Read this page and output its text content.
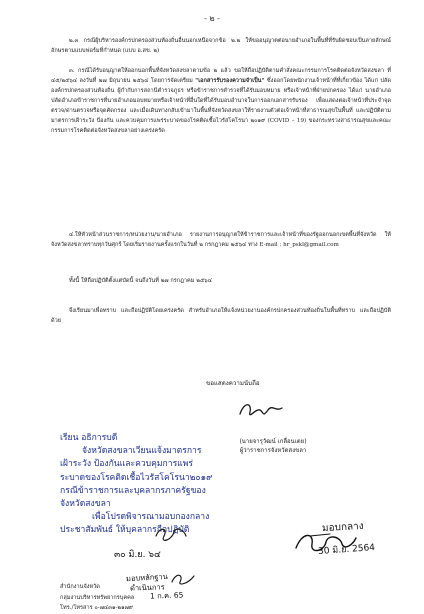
- ๒ -

๒.๓ กรณีผู้บริหารองค์กรปกครองส่วนท้องถิ่นอื่นนอกเหนือจากข้อ ๒.๒ ให้ขออนุญาตต่อนายอำเภอในพื้นที่ที่รับผิดชอบเป็นลายลักษณ์อักษรตามแบบฟอร์มที่กำหนด (แบบ อ.สข. ๒)

๓. กรณีได้รับอนุญาตให้ออกนอกพื้นที่จังหวัดสงขลาตามข้อ ๒ แล้ว ขอให้ถือปฏิบัติตามคำสั่งคณะกรรมการโรคติดต่อจังหวัดสงขลา ที่ ๔๕/๒๕๖๔ ลงวันที่ ๒๗ มิถุนายน ๒๕๖๔ โดยการจัดเตรียม "เอกสารรับรองความจำเป็น" ซึ่งออกโดยพนักงานเจ้าหน้าที่ที่เกี่ยวข้อง ได้แก่ ปลัดองค์กรปกครองส่วนท้องถิ่น ผู้กำกับการสถานีตำรวจภูธร หรือข้าราชการตำรวจที่ได้รับมอบหมาย หรือเจ้าหน้าที่ฝ่ายปกครอง ได้แก่ นายอำเภอ ปลัดอำเภอข้าราชการที่นายอำเภอมอบหมายหรือเจ้าหน้าที่อื่นใดที่ได้รับมอบอำนาจในการออกเอกสารรับรอง เพื่อแสดงต่อเจ้าหน้าที่ประจำจุดตรวจ/ด่านตรวจหรือจุดคัดกรอง และเมื่อเดินทางกลับเข้ามาในพื้นที่จังหวัดสงขลาให้รายงานตัวต่อเจ้าหน้าที่สาธารณสุขในพื้นที่ และปฏิบัติตามมาตรการเฝ้าระวัง ป้องกัน และควบคุมการแพร่ระบาดของโรคติดเชื้อไวรัสโคโรนา ๒๐๑๙ (COVID – 19) ของกระทรวงสาธารณสุขและคณะกรรมการโรคติดต่อจังหวัดสงขลาอย่างเคร่งครัด

๔.ให้หัวหน้าส่วนราชการ/หน่วยงาน/นายอำเภอ รายงานการอนุญาตให้ข้าราชการและเจ้าหน้าที่ของรัฐออกนอกเขตพื้นที่จังหวัด ให้จังหวัดสงขลาทราบทุกวันศุกร์ โดยเริ่มรายงานครั้งแรกในวันที่ ๒ กรกฎาคม ๒๕๖๔ ทาง E-mail : hr_pskl@gmail.com

ทั้งนี้ ให้ถือปฏิบัติตั้งแต่บัดนี้ จนถึงวันที่ ๒๗ กรกฎาคม ๒๕๖๔

จึงเรียนมาเพื่อทราบ และถือปฏิบัติโดยเคร่งครัด สำหรับอำเภอให้แจ้งหน่วยงานองค์กรปกครองส่วนท้องถิ่นในพื้นที่ทราบ และถือปฏิบัติด้วย

ขอแสดงความนับถือ
(นายจารุวัฒน์ เกลื่อนเตย)
ผู้ว่าราชการจังหวัดสงขลา
เรียน อธิการบดี
จังหวัดสงขลาเวียนแจ้งมาตรการ
เฝ้าระวัง ป้องกันและควบคุมการแพร่
ระบาดของโรคติดเชื้อไวรัสโคโรนา๒๐๑๙
กรณีข้าราชการและบุคลากรภาครัฐของ
จังหวัดสงขลา
เพื่อโปรดพิจารณามอบกองกลาง
ประชาสัมพันธ์ ให้บุคลากรถือปฏิบัติ
๓๐ มิ.ย. ๖๔
มอบกลาง
30 มิ.ย. 2564
สำนักงานจังหวัด
กลุ่มงานบริหารทรัพยากรบุคคล
โทร./โทรสาร ๐-๗๔๓๑-๒๑๗๙
มอบหลักฐาน
ดำเนินการ
1 ก.ค. 65
